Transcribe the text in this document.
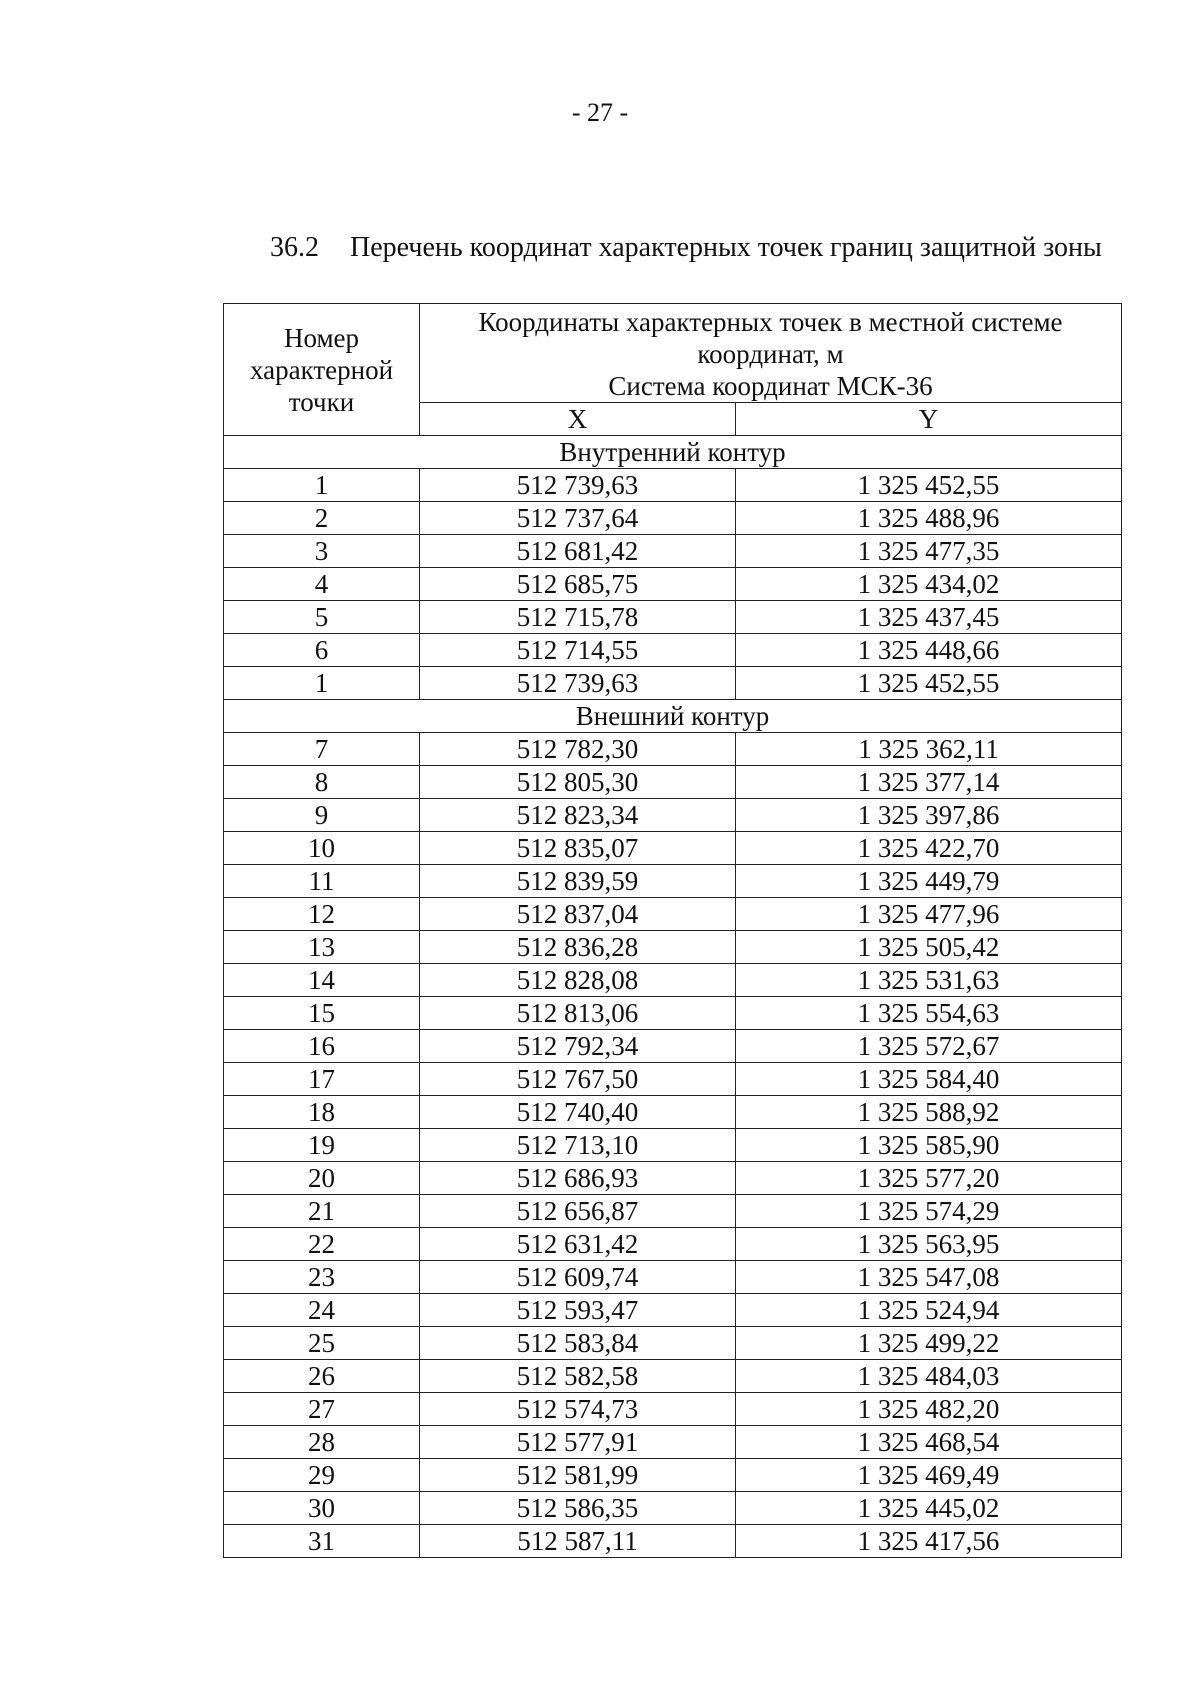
- 27 -
36.2 Перечень координат характерных точек границ защитной зоны
Номер
характерной
точки	Координаты характерных точек в местной системе
координат, м
Система координат МСК-36	

	X	Y
Внутренний контур		
1	512 739,63	1 325 452,55
2	512 737,64	1 325 488,96
3	512 681,42	1 325 477,35
4	512 685,75	1 325 434,02
5	512 715,78	1 325 437,45
6	512 714,55	1 325 448,66
1	512 739,63	1 325 452,55
Внешний контур		
7	512 782,30	1 325 362,11
8	512 805,30	1 325 377,14
9	512 823,34	1 325 397,86
10	512 835,07	1 325 422,70
11	512 839,59	1 325 449,79
12	512 837,04	1 325 477,96
13	512 836,28	1 325 505,42
14	512 828,08	1 325 531,63
15	512 813,06	1 325 554,63
16	512 792,34	1 325 572,67
17	512 767,50	1 325 584,40
18	512 740,40	1 325 588,92
19	512 713,10	1 325 585,90
20	512 686,93	1 325 577,20
21	512 656,87	1 325 574,29
22	512 631,42	1 325 563,95
23	512 609,74	1 325 547,08
24	512 593,47	1 325 524,94
25	512 583,84	1 325 499,22
26	512 582,58	1 325 484,03
27	512 574,73	1 325 482,20
28	512 577,91	1 325 468,54
29	512 581,99	1 325 469,49
30	512 586,35	1 325 445,02
31	512 587,11	1 325 417,56
